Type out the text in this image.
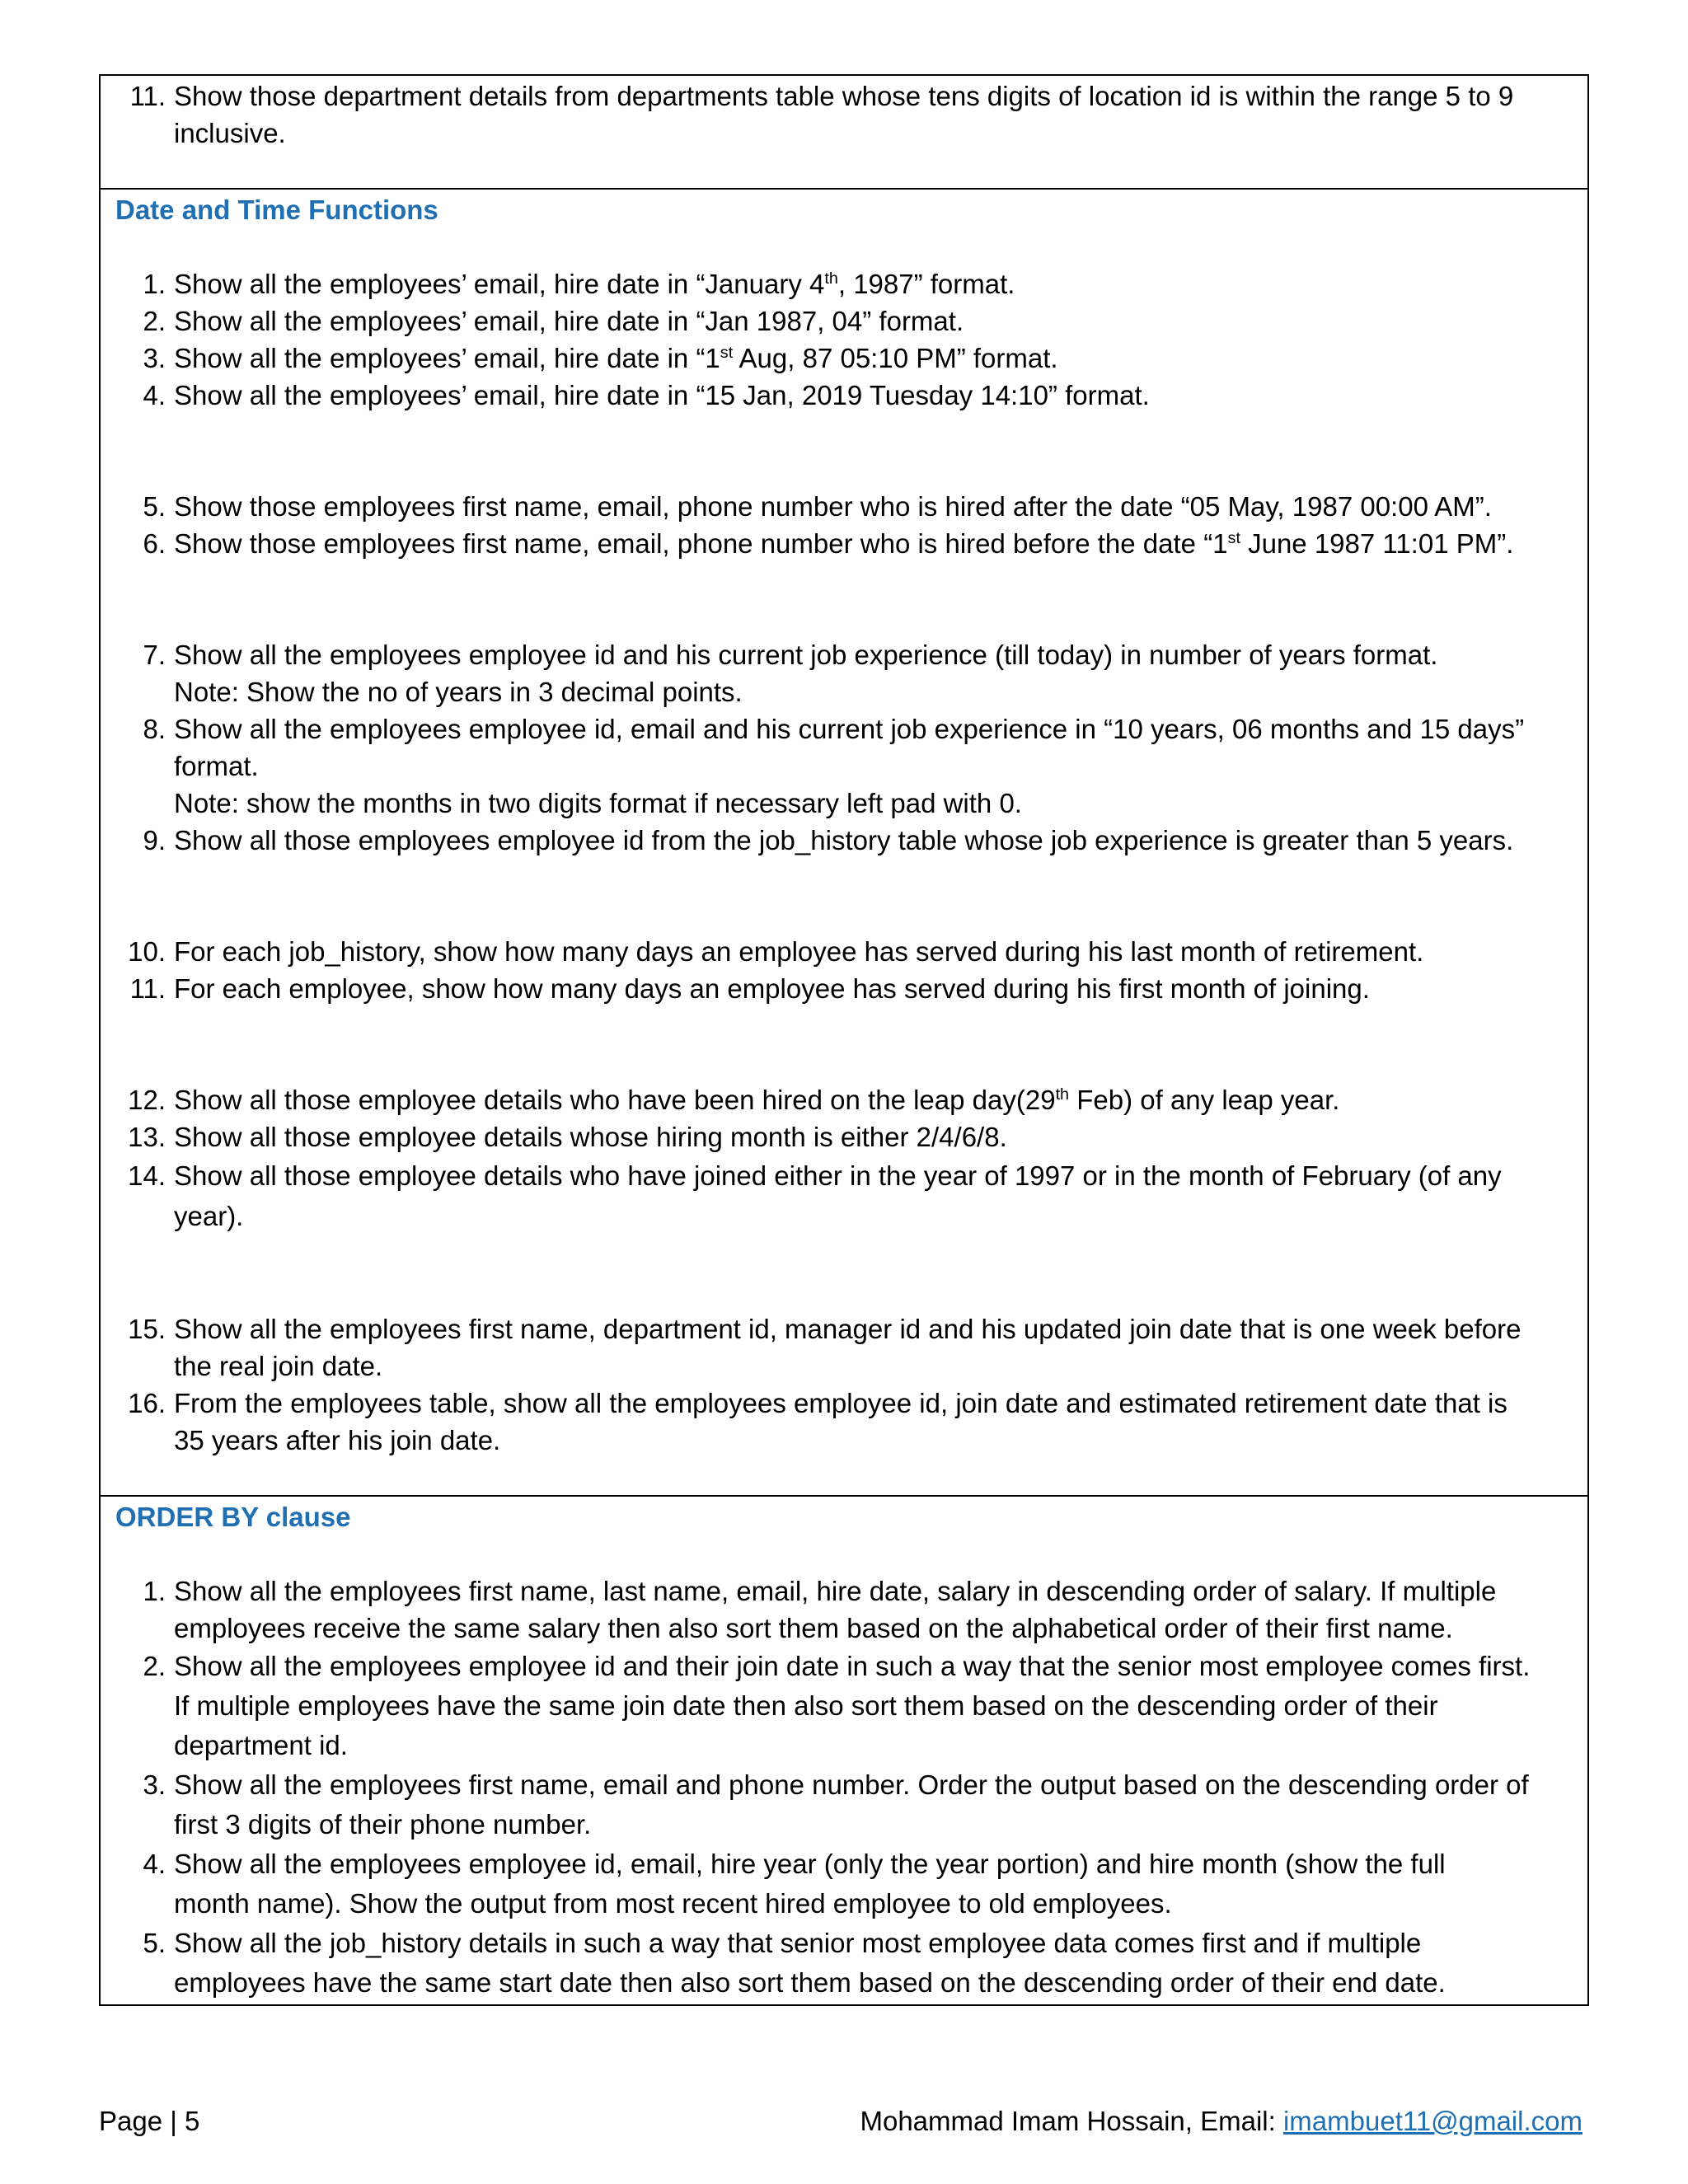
11. Show those department details from departments table whose tens digits of location id is within the range 5 to 9
inclusive.
Date and Time Functions
1. Show all the employees’ email, hire date in “January 4th, 1987” format.
2. Show all the employees’ email, hire date in “Jan 1987, 04” format.
3. Show all the employees’ email, hire date in “1st Aug, 87 05:10 PM” format.
4. Show all the employees’ email, hire date in “15 Jan, 2019 Tuesday 14:10” format.
5. Show those employees first name, email, phone number who is hired after the date “05 May, 1987 00:00 AM”.
6. Show those employees first name, email, phone number who is hired before the date “1st June 1987 11:01 PM”.
7. Show all the employees employee id and his current job experience (till today) in number of years format.
Note: Show the no of years in 3 decimal points.
8. Show all the employees employee id, email and his current job experience in “10 years, 06 months and 15 days”
format.
Note: show the months in two digits format if necessary left pad with 0.
9. Show all those employees employee id from the job_history table whose job experience is greater than 5 years.
10. For each job_history, show how many days an employee has served during his last month of retirement.
11. For each employee, show how many days an employee has served during his first month of joining.
12. Show all those employee details who have been hired on the leap day(29th Feb) of any leap year.
13. Show all those employee details whose hiring month is either 2/4/6/8.
14. Show all those employee details who have joined either in the year of 1997 or in the month of February (of any
year).
15. Show all the employees first name, department id, manager id and his updated join date that is one week before
the real join date.
16. From the employees table, show all the employees employee id, join date and estimated retirement date that is
35 years after his join date.
ORDER BY clause
1. Show all the employees first name, last name, email, hire date, salary in descending order of salary. If multiple
employees receive the same salary then also sort them based on the alphabetical order of their first name.
2. Show all the employees employee id and their join date in such a way that the senior most employee comes first.
If multiple employees have the same join date then also sort them based on the descending order of their
department id.
3. Show all the employees first name, email and phone number. Order the output based on the descending order of
first 3 digits of their phone number.
4. Show all the employees employee id, email, hire year (only the year portion) and hire month (show the full
month name). Show the output from most recent hired employee to old employees.
5. Show all the job_history details in such a way that senior most employee data comes first and if multiple
employees have the same start date then also sort them based on the descending order of their end date.
Page | 5	Mohammad Imam Hossain, Email: imambuet11@gmail.com
